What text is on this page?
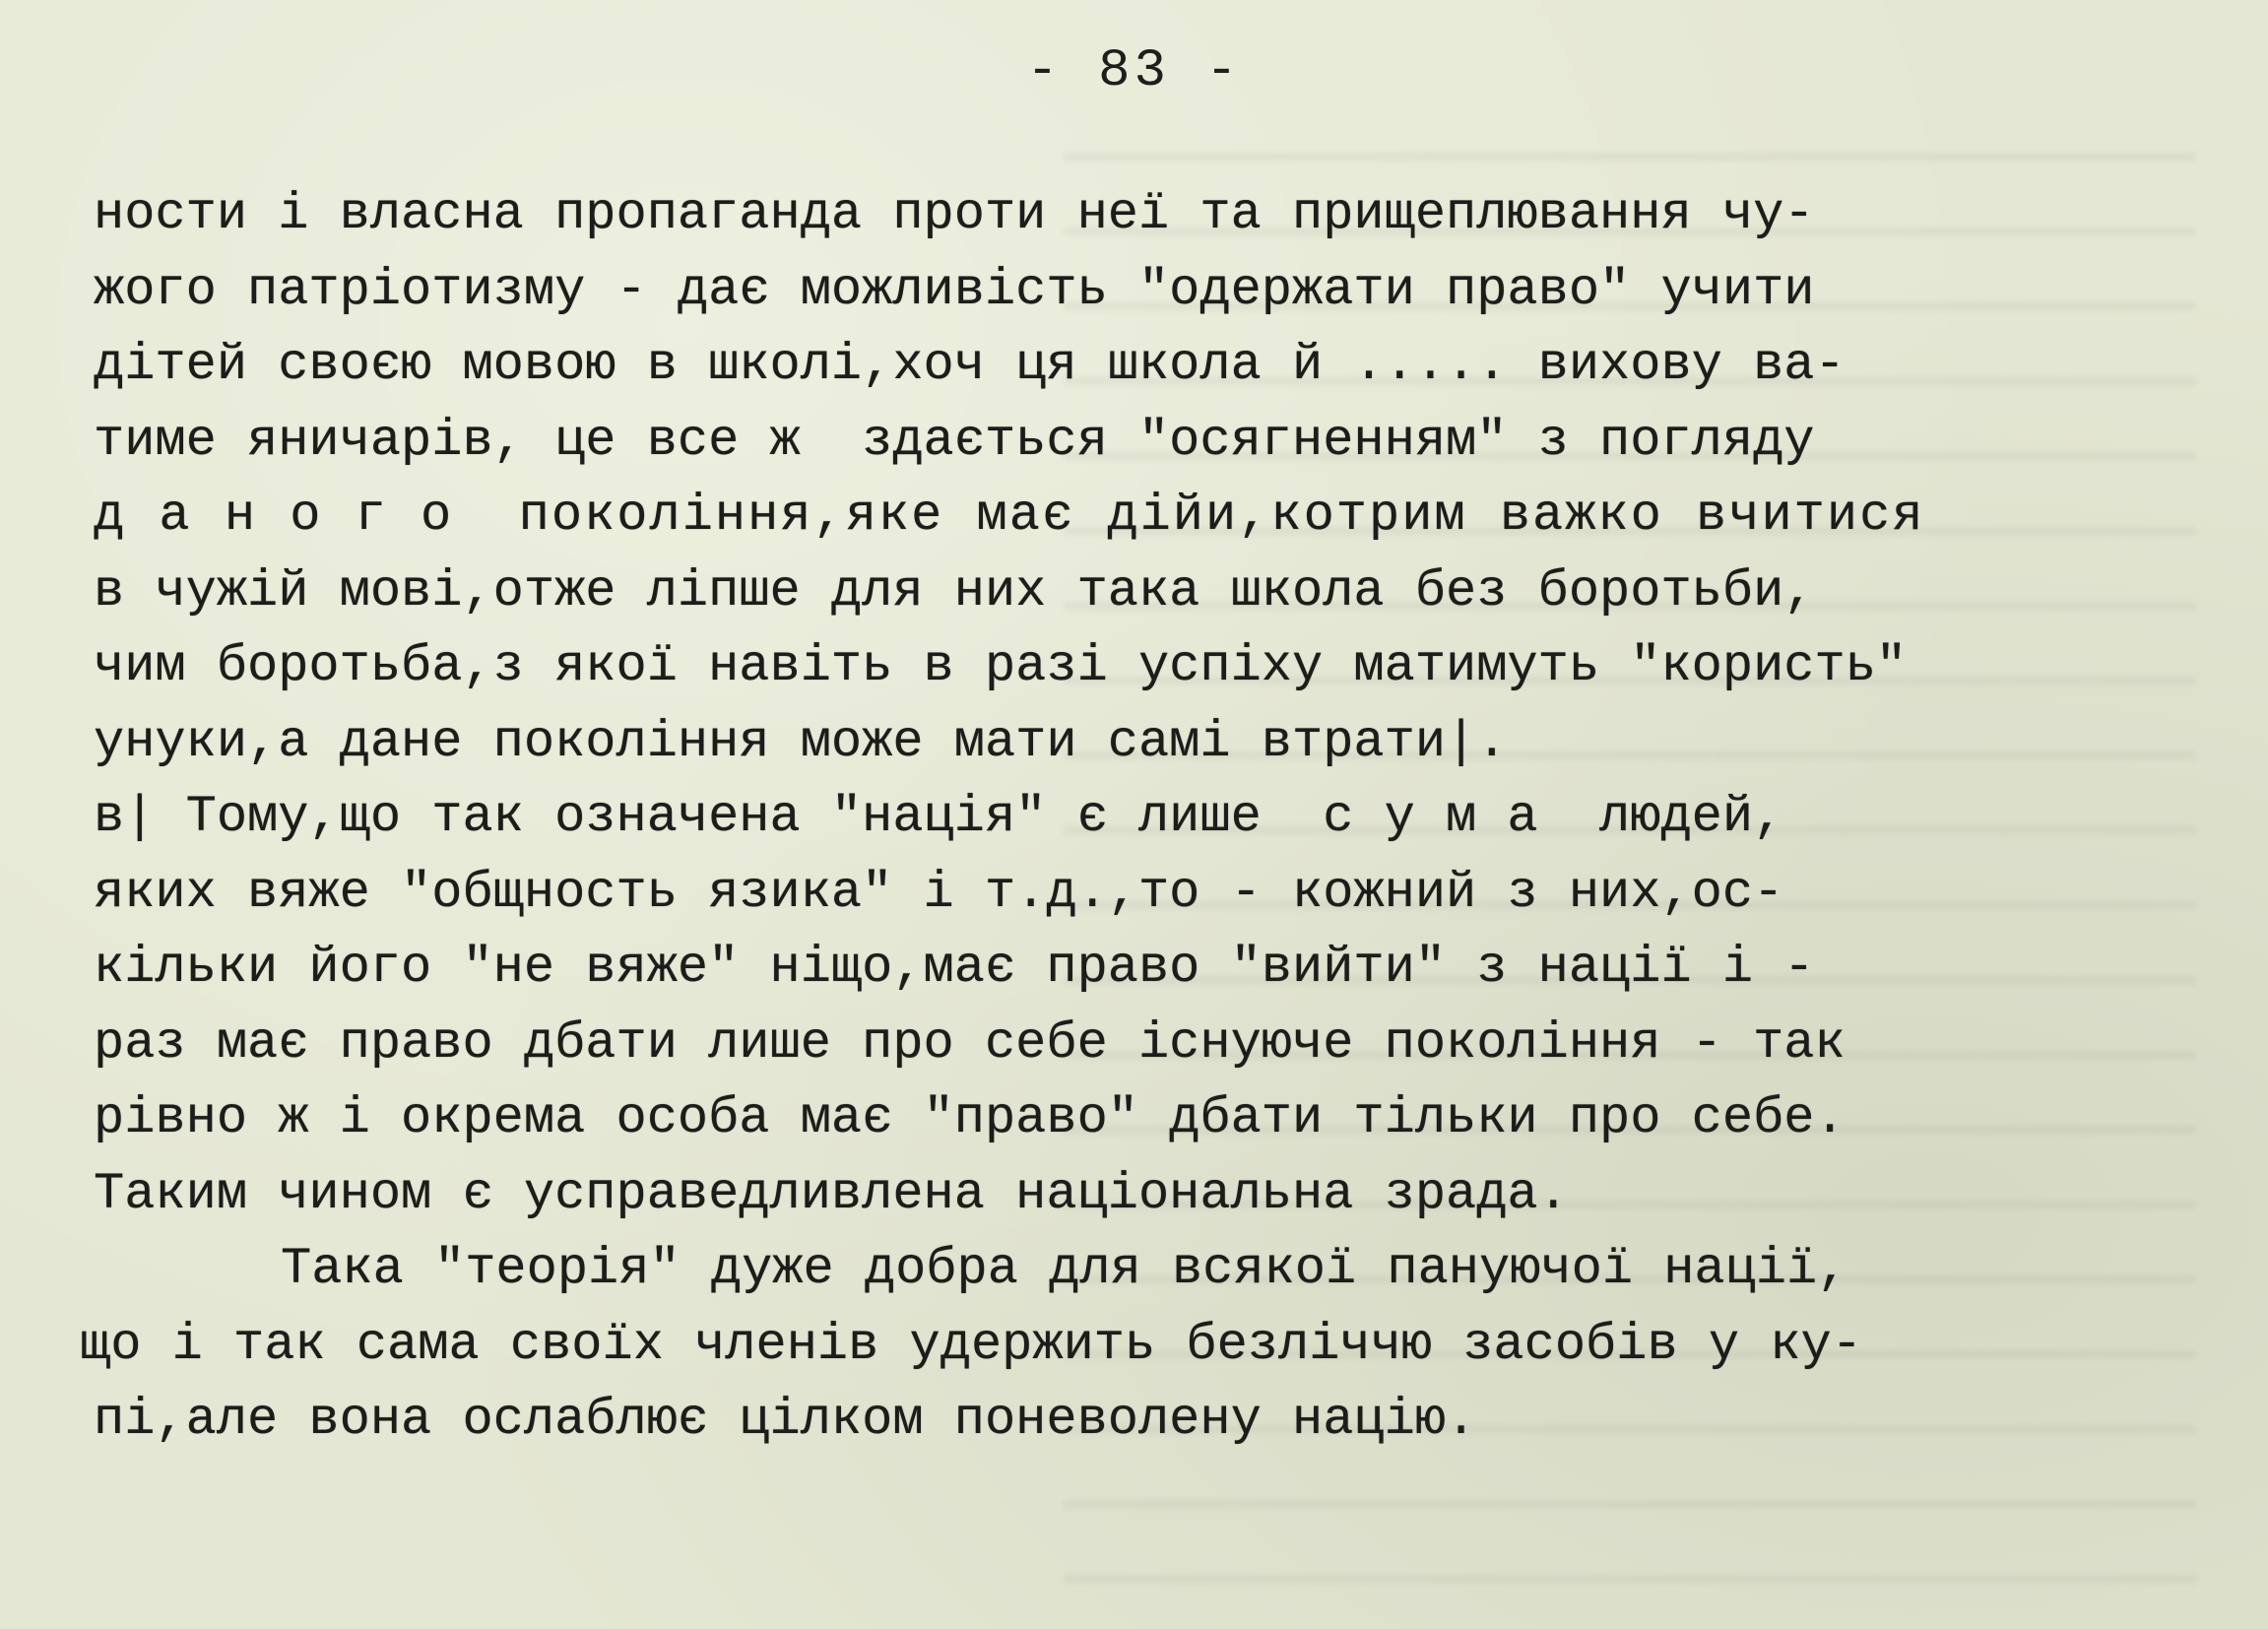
- 83 -
ности і власна пропаганда проти неї та прищеплювання чу-
жого патріотизму - дає можливість "одержати право" учити
дітей своєю мовою в школі,хоч ця школа й ..... вихову ва-
тиме яничарів, це все ж  здається "осягненням" з погляду
д а н о г о  покоління,яке має дійи,котрим важко вчитися
в чужій мові,отже ліпше для них така школа без боротьби,
чим боротьба,з якої навіть в разі успіху матимуть "користь"
унуки,а дане покоління може мати самі втрати|.
в| Тому,що так означена "нація" є лише  с у м а  людей,
яких вяже "общность язика" і т.д.,то - кожний з них,ос-
кільки його "не вяже" ніщо,має право "вийти" з нації і -
раз має право дбати лише про себе існуюче покоління - так
рівно ж і окрема особа має "право" дбати тільки про себе.
Таким чином є усправедливлена національна зрада.
Така "теорія" дуже добра для всякої пануючої нації,
що і так сама своїх членів удержить безліччю засобів у ку-
пі,але вона ослаблює цілком поневолену націю.
